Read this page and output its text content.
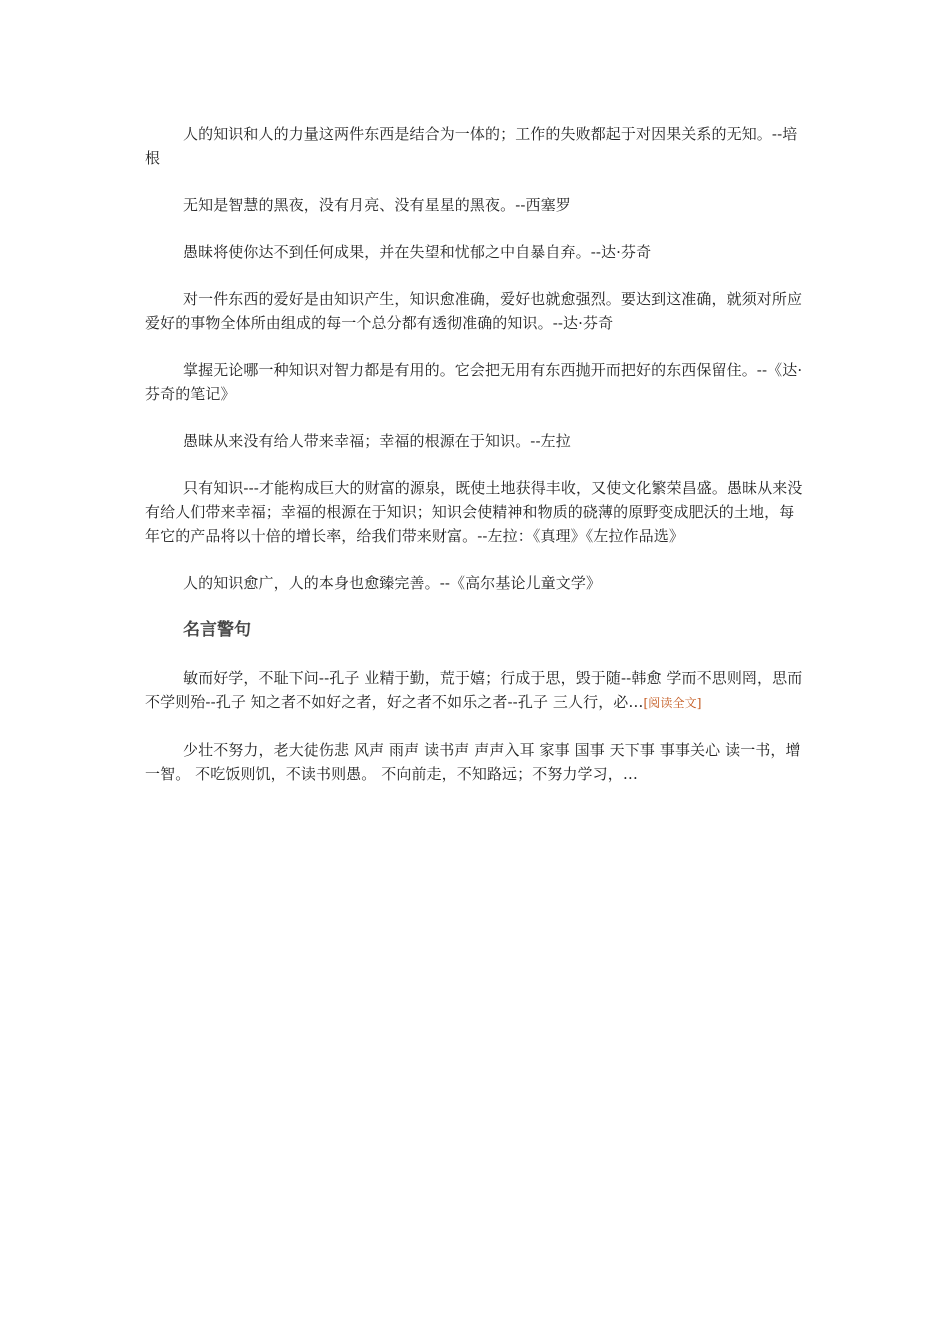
人的知识和人的力量这两件东西是结合为一体的；工作的失败都起于对因果关系的无知。--培根

无知是智慧的黑夜，没有月亮、没有星星的黑夜。--西塞罗

愚昧将使你达不到任何成果，并在失望和忧郁之中自暴自弃。--达·芬奇

对一件东西的爱好是由知识产生，知识愈准确，爱好也就愈强烈。要达到这准确，就须对所应爱好的事物全体所由组成的每一个总分都有透彻准确的知识。--达·芬奇

掌握无论哪一种知识对智力都是有用的。它会把无用有东西抛开而把好的东西保留住。--《达·芬奇的笔记》

愚昧从来没有给人带来幸福；幸福的根源在于知识。--左拉

只有知识---才能构成巨大的财富的源泉，既使土地获得丰收，又使文化繁荣昌盛。愚昧从来没有给人们带来幸福；幸福的根源在于知识；知识会使精神和物质的硗薄的原野变成肥沃的土地，每年它的产品将以十倍的增长率，给我们带来财富。--左拉：《真理》《左拉作品选》

人的知识愈广，人的本身也愈臻完善。--《高尔基论儿童文学》

名言警句

敏而好学，不耻下问--孔子 业精于勤，荒于嬉；行成于思，毁于随--韩愈 学而不思则罔，思而不学则殆--孔子 知之者不如好之者，好之者不如乐之者--孔子 三人行，必…[阅读全文]

少壮不努力，老大徒伤悲 风声 雨声 读书声 声声入耳 家事 国事 天下事 事事关心 读一书，增一智。 不吃饭则饥，不读书则愚。 不向前走，不知路远；不努力学习，…
